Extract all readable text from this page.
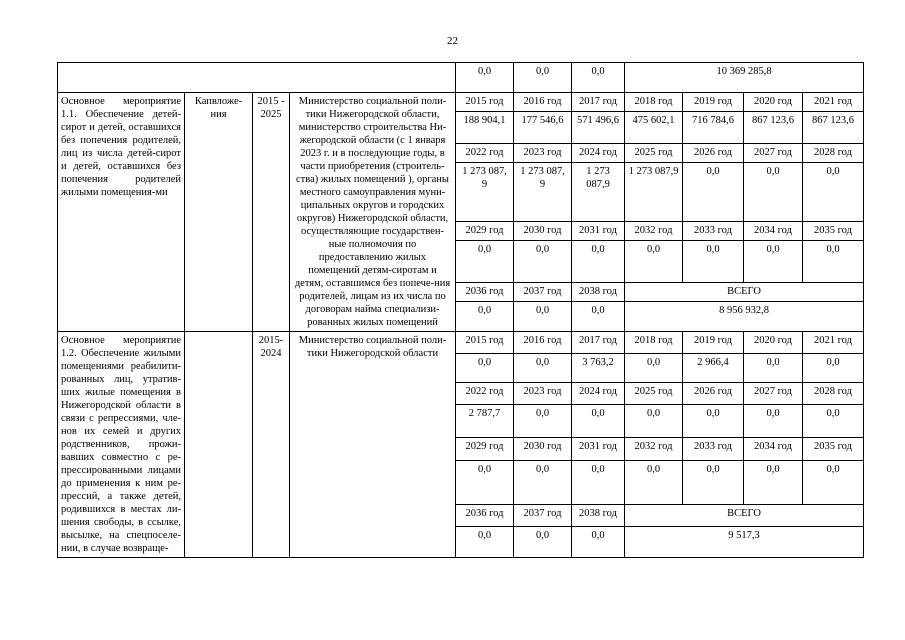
22
				0,0	0,0	0,0	10 369 285,8			
Основное мероприятие 1.1. Обеспечение детей-сирот и детей, оставшихся без попечения родителей, лиц из числа детей-сирот и детей, оставшихся без попечения родителей жилыми помещения-ми	Капвложе-ния	2015 - 2025	Министерство социальной поли-тики Нижегородской области, министерство строительства Ни-жегородской области (с 1 января 2023 г. и в последующие годы, в части приобретения (строитель-ства) жилых помещений ), органы местного самоуправления муни-ципальных округов и городских округов) Нижегородской области, осуществляющие государствен-ные полномочия по предоставлению жилых помещений детям-сиротам и детям, оставшимся без попече-ния родителей, лицам из их числа по договорам найма специализи-рованных жилых помещений	2015 год	2016 год	2017 год	2018 год	2019 год	2020 год	2021 год
				188 904,1	177 546,6	571 496,6	475 602,1	716 784,6	867 123,6	867 123,6
				2022 год	2023 год	2024 год	2025 год	2026 год	2027 год	2028 год
				1 273 087, 9	1 273 087, 9	1 273 087,9	1 273 087,9	0,0	0,0	0,0
				2029 год	2030 год	2031 год	2032 год	2033 год	2034 год	2035 год
				0,0	0,0	0,0	0,0	0,0	0,0	0,0
				2036 год	2037 год	2038 год	ВСЕГО			
				0,0	0,0	0,0	8 956 932,8			
Основное мероприятие 1.2. Обеспечение жилыми помещениями реабилити-рованных лиц, утратив-ших жилые помещения в Нижегородской области в связи с репрессиями, чле-нов их семей и других родственников, прожи-вавших совместно с ре-прессированными лицами до применения к ним ре-прессий, а также детей, родившихся в местах ли-шения свободы, в ссылке, высылке, на спецпоселе-нии, в случае возвраще-		2015- 2024	Министерство социальной поли-тики Нижегородской области	2015 год	2016 год	2017 год	2018 год	2019 год	2020 год	2021 год
				0,0	0,0	3 763,2	0,0	2 966,4	0,0	0,0
				2022 год	2023 год	2024 год	2025 год	2026 год	2027 год	2028 год
				2 787,7	0,0	0,0	0,0	0,0	0,0	0,0
				2029 год	2030 год	2031 год	2032 год	2033 год	2034 год	2035 год
				0,0	0,0	0,0	0,0	0,0	0,0	0,0
				2036 год	2037 год	2038 год	ВСЕГО			
				0,0	0,0	0,0	9 517,3			
